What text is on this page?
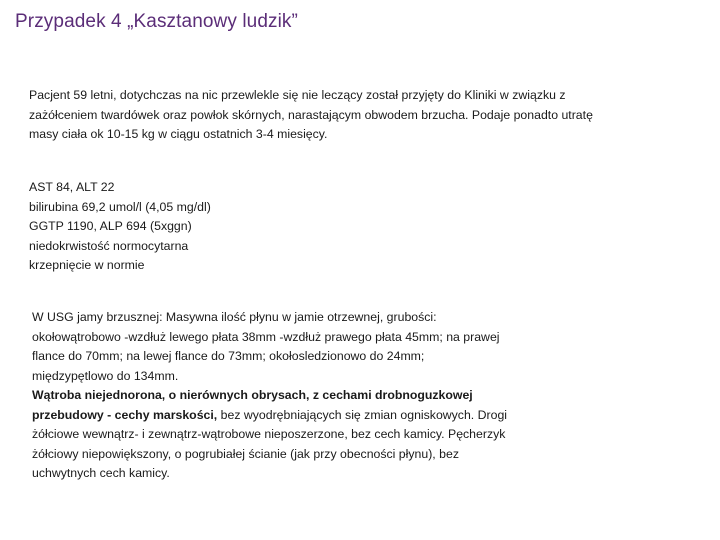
Przypadek 4 „Kasztanowy ludzik”

Pacjent 59 letni, dotychczas na nic przewlekle się nie leczący został przyjęty do Kliniki w związku z

zażółceniem twardówek oraz powłok skórnych, narastającym obwodem brzucha. Podaje ponadto utratę

masy ciała ok 10-15 kg w ciągu ostatnich 3-4 miesięcy.

AST 84, ALT 22
bilirubina 69,2 umol/l (4,05 mg/dl)
GGTP 1190, ALP 694 (5xggn)
niedokrwistość normocytarna
krzepnięcie w normie
W USG jamy brzusznej: Masywna ilość płynu w jamie otrzewnej, grubości:
okołowątrobowo -wzdłuż lewego płata 38mm -wzdłuż prawego płata 45mm; na prawej
flance do 70mm; na lewej flance do 73mm; okołosledzionowo do 24mm;
międzypętlowo do 134mm.
Wątroba niejednorona, o nierównych obrysach, z cechami drobnoguzkowej
przebudowy - cechy marskości, bez wyodrębniających się zmian ogniskowych. Drogi
żółciowe wewnątrz- i zewnątrz-wątrobowe nieposzerzone, bez cech kamicy. Pęcherzyk
żółciowy niepowiększony, o pogrubiałej ścianie (jak przy obecności płynu), bez
uchwytnych cech kamicy.
